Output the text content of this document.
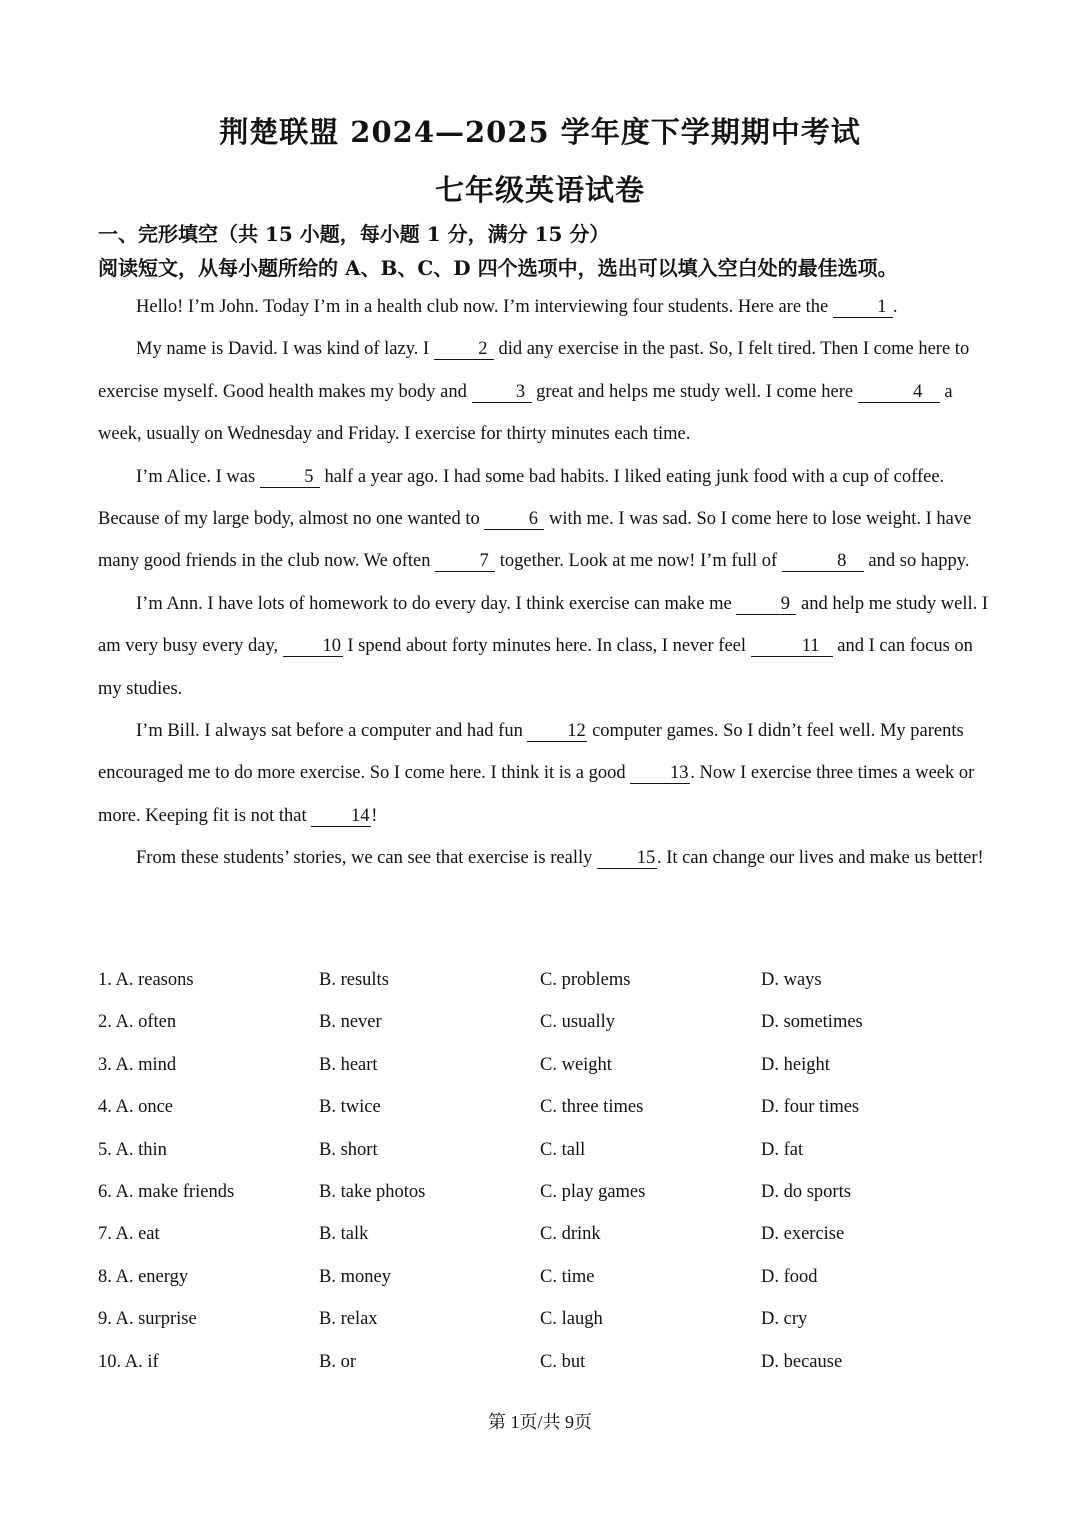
荆楚联盟 2024—2025 学年度下学期期中考试
七年级英语试卷
一、完形填空（共 15 小题，每小题 1 分，满分 15 分）
阅读短文，从每小题所给的 A、B、C、D 四个选项中，选出可以填入空白处的最佳选项。

Hello! I’m John. Today I’m in a health club now. I’m interviewing four students. Here are the 1 .

My name is David. I was kind of lazy. I 2 did any exercise in the past. So, I felt tired. Then I come here to exercise myself. Good health makes my body and 3 great and helps me study well. I come here	4 a week, usually on Wednesday and Friday. I exercise for thirty minutes each time.

I’m Alice. I was 5 half a year ago. I had some bad habits. I liked eating junk food with a cup of coffee. Because of my large body, almost no one wanted to 6 with me. I was sad. So I come here to lose weight. I have many good friends in the club now. We often 7 together. Look at me now! I’m full of	8 and so happy.

I’m Ann. I have lots of homework to do every day. I think exercise can make me 9 and help me study well. I am very busy every day, 10 I spend about forty minutes here. In class, I never feel	11 and I can focus on my studies.

I’m Bill. I always sat before a computer and had fun 12 computer games. So I didn’t feel well. My parents encouraged me to do more exercise. So I come here. I think it is a good 13. Now I exercise three times a week or more. Keeping fit is not that 14!

From these students’ stories, we can see that exercise is really 15. It can change our lives and make us better!

1. A. reasons	B. results	C. problems	D. ways
2. A. often	B. never	C. usually	D. sometimes
3. A. mind	B. heart	C. weight	D. height
4. A. once	B. twice	C. three times	D. four times
5. A. thin	B. short	C. tall	D. fat
6. A. make friends	B. take photos	C. play games	D. do sports
7. A. eat	B. talk	C. drink	D. exercise
8. A. energy	B. money	C. time	D. food
9. A. surprise	B. relax	C. laugh	D. cry
10. A. if	B. or	C. but	D. because
第 1页/共 9页
